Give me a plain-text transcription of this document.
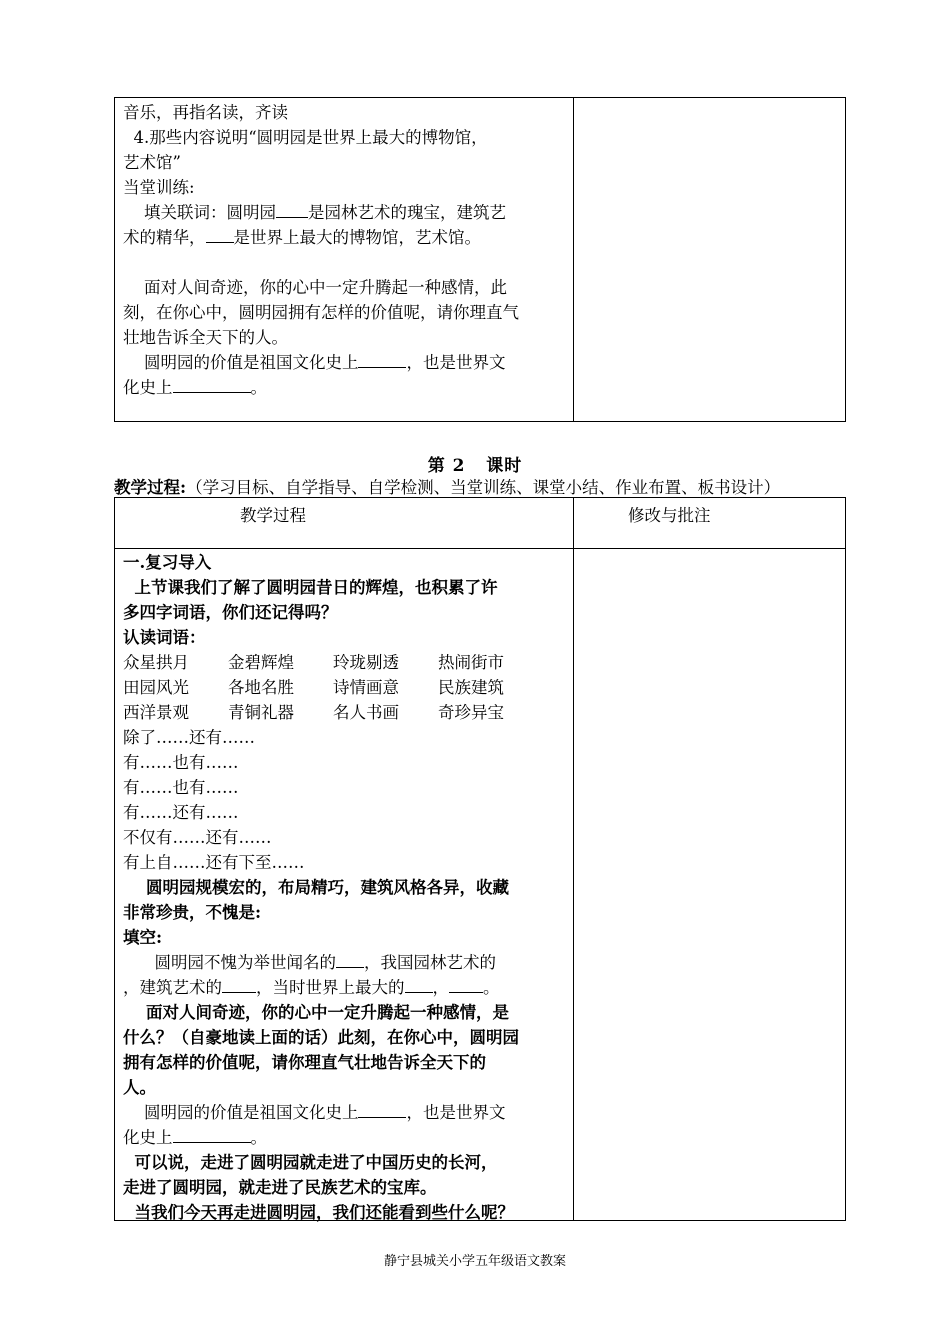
音乐，再指名读，齐读
4.那些内容说明“圆明园是世界上最大的博物馆，
艺术馆”
当堂训练:
填关联词：圆明园 是园林艺术的瑰宝，建筑艺
术的精华， 是世界上最大的博物馆，艺术馆。
面对人间奇迹，你的心中一定升腾起一种感情，此
刻，在你心中，圆明园拥有怎样的价值呢，请你理直气
壮地告诉全天下的人。
圆明园的价值是祖国文化史上	，也是世界文
化史上	。
第 2   课时
教学过程:（学习目标、自学指导、自学检测、当堂训练、课堂小结、作业布置、板书设计）
教学过程	修改与批注
一.复习导入
上节课我们了解了圆明园昔日的辉煌，也积累了许
多四字词语，你们还记得吗？
认读词语：
众星拱月 金碧辉煌 玲珑剔透 热闹街市
田园风光 各地名胜 诗情画意 民族建筑
西洋景观 青铜礼器 名人书画 奇珍异宝
除了……还有……
有……也有……
有……也有……
有……还有……
不仅有……还有……
有上自……还有下至……
圆明园规模宏的，布局精巧，建筑风格各异，收藏
非常珍贵，不愧是:
填空:
圆明园不愧为举世闻名的 ，我国园林艺术的
，建筑艺术的 ，当时世界上最大的 ， 。
面对人间奇迹，你的心中一定升腾起一种感情，是
什么？（自豪地读上面的话）此刻，在你心中，圆明园
拥有怎样的价值呢，请你理直气壮地告诉全天下的
人。
圆明园的价值是祖国文化史上	，也是世界文
化史上	。
可以说，走进了圆明园就走进了中国历史的长河，
走进了圆明园，就走进了民族艺术的宝库。
当我们今天再走进圆明园，我们还能看到些什么呢？
静宁县城关小学五年级语文教案
